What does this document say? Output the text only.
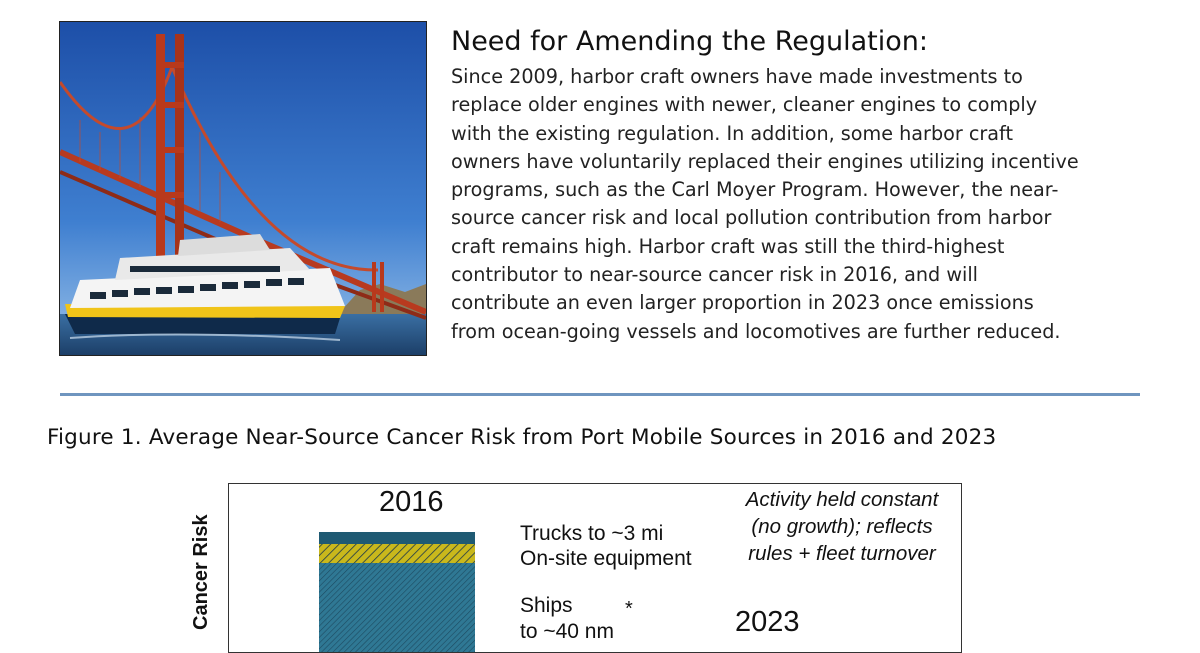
Need for Amending the Regulation:
Since 2009, harbor craft owners have made investments to
replace older engines with newer, cleaner engines to comply
with the existing regulation. In addition, some harbor craft
owners have voluntarily replaced their engines utilizing incentive
programs, such as the Carl Moyer Program. However, the near-
source cancer risk and local pollution contribution from harbor
craft remains high. Harbor craft was still the third-highest
contributor to near-source cancer risk in 2016, and will
contribute an even larger proportion in 2023 once emissions
from ocean-going vessels and locomotives are further reduced.
Figure 1. Average Near-Source Cancer Risk from Port Mobile Sources in 2016 and 2023
Cancer Risk
2016
Trucks to ~3 mi
On-site equipment
Ships	*
to ~40 nm
Activity held constant
(no growth); reflects
rules + fleet turnover
2023
